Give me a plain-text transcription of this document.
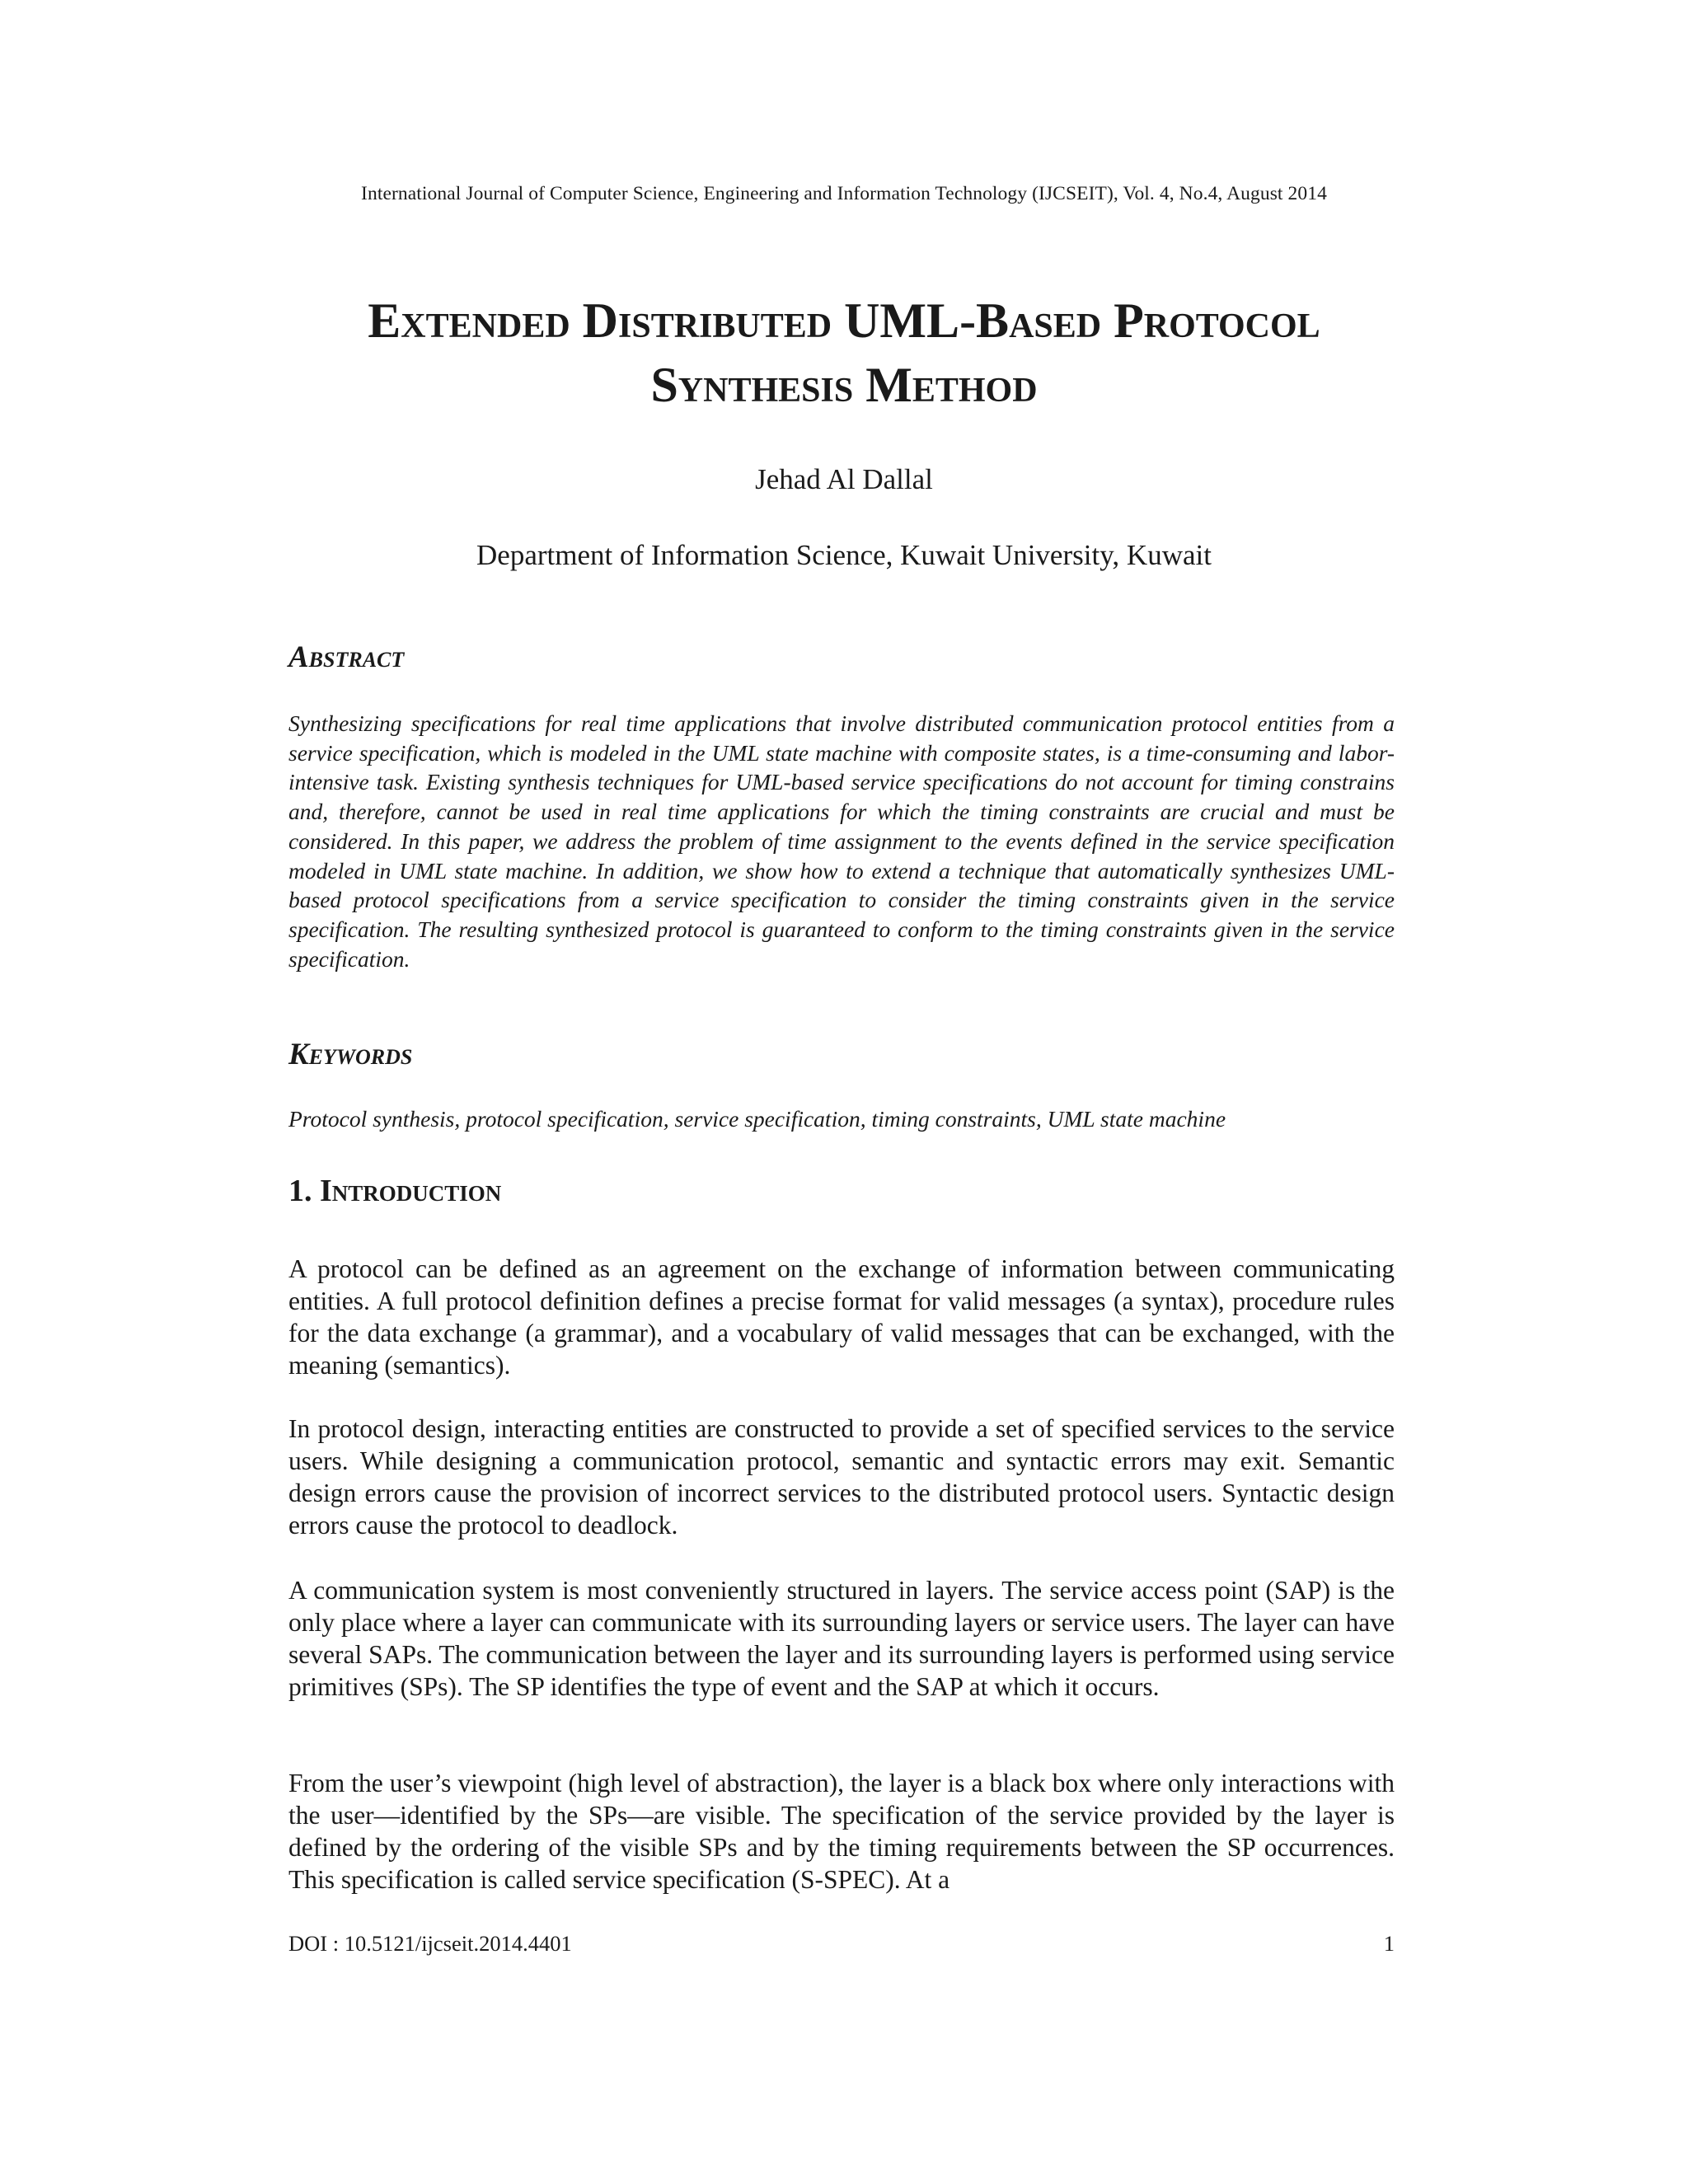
International Journal of Computer Science, Engineering and Information Technology (IJCSEIT), Vol. 4, No.4, August 2014
Extended Distributed UML-Based Protocol
Synthesis Method
Jehad Al Dallal
Department of Information Science, Kuwait University, Kuwait
Abstract

Synthesizing specifications for real time applications that involve distributed communication protocol entities from a service specification, which is modeled in the UML state machine with composite states, is a time-consuming and labor-intensive task. Existing synthesis techniques for UML-based service specifications do not account for timing constrains and, therefore, cannot be used in real time applications for which the timing constraints are crucial and must be considered. In this paper, we address the problem of time assignment to the events defined in the service specification modeled in UML state machine. In addition, we show how to extend a technique that automatically synthesizes UML-based protocol specifications from a service specification to consider the timing constraints given in the service specification. The resulting synthesized protocol is guaranteed to conform to the timing constraints given in the service specification.

Keywords

Protocol synthesis, protocol specification, service specification, timing constraints, UML state machine

1. Introduction

A protocol can be defined as an agreement on the exchange of information between communicating entities. A full protocol definition defines a precise format for valid messages (a syntax), procedure rules for the data exchange (a grammar), and a vocabulary of valid messages that can be exchanged, with the meaning (semantics).

In protocol design, interacting entities are constructed to provide a set of specified services to the service users. While designing a communication protocol, semantic and syntactic errors may exit. Semantic design errors cause the provision of incorrect services to the distributed protocol users. Syntactic design errors cause the protocol to deadlock.

A communication system is most conveniently structured in layers. The service access point (SAP) is the only place where a layer can communicate with its surrounding layers or service users. The layer can have several SAPs. The communication between the layer and its surrounding layers is performed using service primitives (SPs). The SP identifies the type of event and the SAP at which it occurs.

From the user’s viewpoint (high level of abstraction), the layer is a black box where only interactions with the user—identified by the SPs—are visible. The specification of the service provided by the layer is defined by the ordering of the visible SPs and by the timing requirements between the SP occurrences. This specification is called service specification (S-SPEC). At a

DOI : 10.5121/ijcseit.2014.4401	1
